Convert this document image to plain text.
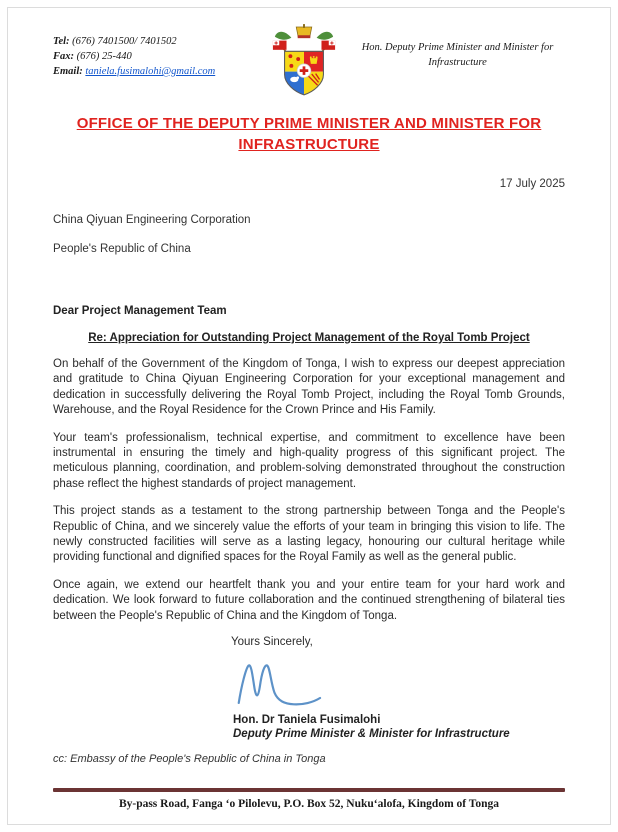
Tel: (676) 7401500/ 7401502
Fax: (676) 25-440
Email: taniela.fusimalohi@gmail.com
Hon. Deputy Prime Minister and Minister for Infrastructure
OFFICE OF THE DEPUTY PRIME MINISTER AND MINISTER FOR INFRASTRUCTURE
17 July 2025
China Qiyuan Engineering Corporation
People's Republic of China
Dear Project Management Team
Re: Appreciation for Outstanding Project Management of the Royal Tomb Project
On behalf of the Government of the Kingdom of Tonga, I wish to express our deepest appreciation and gratitude to China Qiyuan Engineering Corporation for your exceptional management and dedication in successfully delivering the Royal Tomb Project, including the Royal Tomb Grounds, Warehouse, and the Royal Residence for the Crown Prince and His Family.
Your team's professionalism, technical expertise, and commitment to excellence have been instrumental in ensuring the timely and high-quality progress of this significant project. The meticulous planning, coordination, and problem-solving demonstrated throughout the construction phase reflect the highest standards of project management.
This project stands as a testament to the strong partnership between Tonga and the People's Republic of China, and we sincerely value the efforts of your team in bringing this vision to life. The newly constructed facilities will serve as a lasting legacy, honouring our cultural heritage while providing functional and dignified spaces for the Royal Family as well as the general public.
Once again, we extend our heartfelt thank you and your entire team for your hard work and dedication. We look forward to future collaboration and the continued strengthening of bilateral ties between the People's Republic of China and the Kingdom of Tonga.
Yours Sincerely,
Hon. Dr Taniela Fusimalohi
Deputy Prime Minister & Minister for Infrastructure
cc: Embassy of the People's Republic of China in Tonga
By-pass Road, Fanga ʻo Pilolevu, P.O. Box 52, Nukuʻalofa, Kingdom of Tonga
